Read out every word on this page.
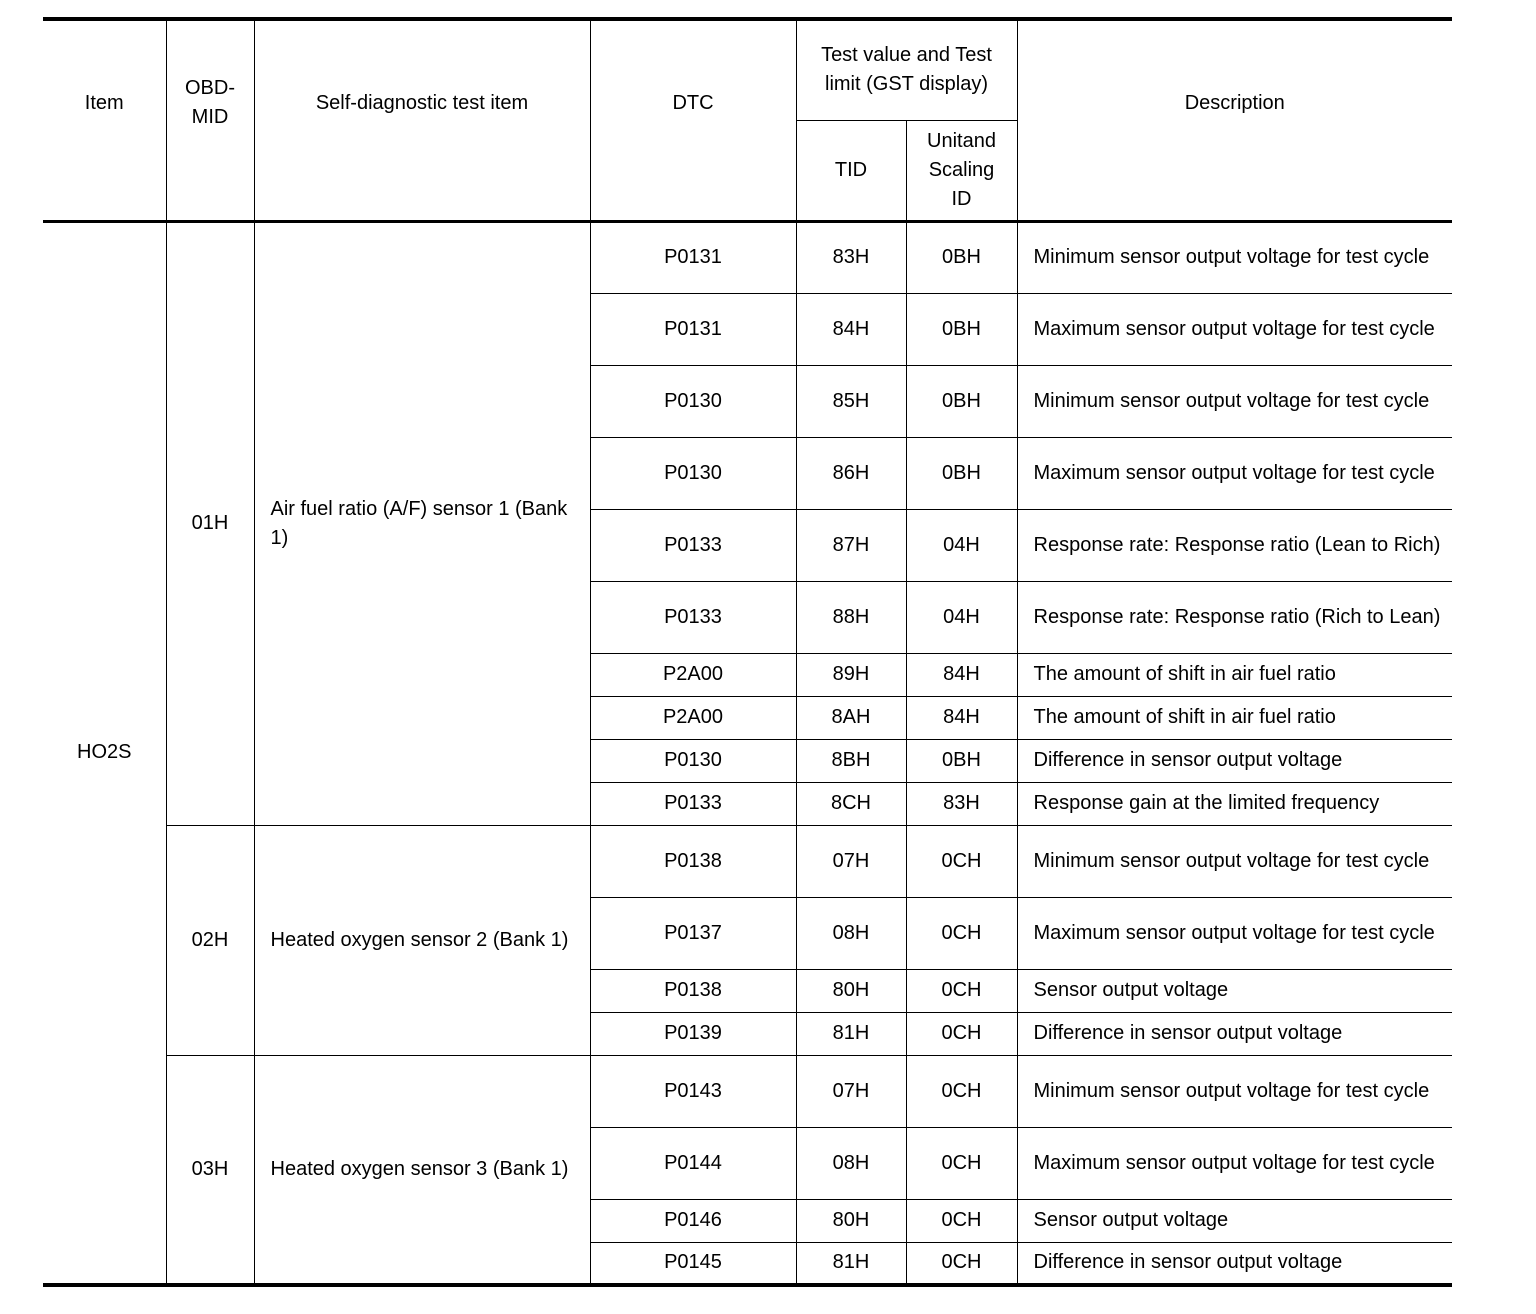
Item	OBD-MID	Self-diagnostic test item	DTC	Test value and Test limit (GST display)		Description
				TID	Unitand Scaling ID	
HO2S	01H	Air fuel ratio (A/F) sensor 1 (Bank 1)	P0131	83H	0BH	Minimum sensor output voltage for test cycle
			P0131	84H	0BH	Maximum sensor output voltage for test cycle
			P0130	85H	0BH	Minimum sensor output voltage for test cycle
			P0130	86H	0BH	Maximum sensor output voltage for test cycle
			P0133	87H	04H	Response rate: Response ratio (Lean to Rich)
			P0133	88H	04H	Response rate: Response ratio (Rich to Lean)
			P2A00	89H	84H	The amount of shift in air fuel ratio
			P2A00	8AH	84H	The amount of shift in air fuel ratio
			P0130	8BH	0BH	Difference in sensor output voltage
			P0133	8CH	83H	Response gain at the limited frequency
	02H	Heated oxygen sensor 2 (Bank 1)	P0138	07H	0CH	Minimum sensor output voltage for test cycle
			P0137	08H	0CH	Maximum sensor output voltage for test cycle
			P0138	80H	0CH	Sensor output voltage
			P0139	81H	0CH	Difference in sensor output voltage
	03H	Heated oxygen sensor 3 (Bank 1)	P0143	07H	0CH	Minimum sensor output voltage for test cycle
			P0144	08H	0CH	Maximum sensor output voltage for test cycle
			P0146	80H	0CH	Sensor output voltage
			P0145	81H	0CH	Difference in sensor output voltage
